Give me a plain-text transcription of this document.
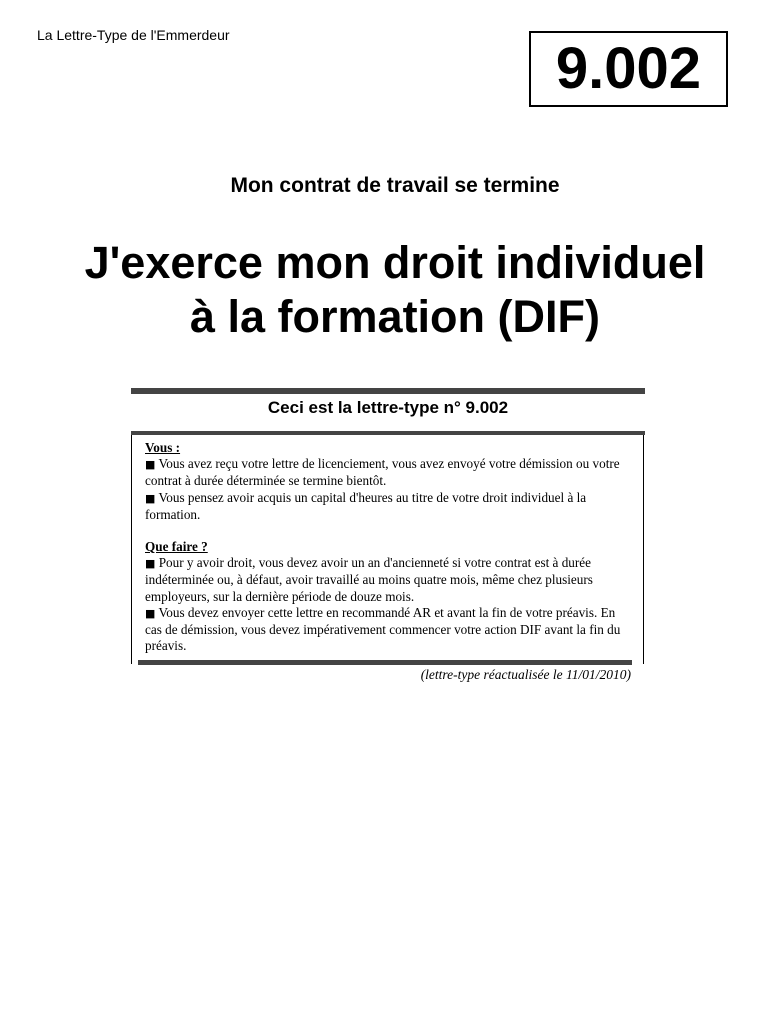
La Lettre-Type de l'Emmerdeur
9.002
Mon contrat de travail se termine
J'exerce mon droit individuel
à la formation (DIF)
Ceci est la lettre-type n° 9.002
Vous :
■ Vous avez reçu votre lettre de licenciement, vous avez envoyé votre démission ou votre contrat à durée déterminée se termine bientôt.
■ Vous pensez avoir acquis un capital d'heures au titre de votre droit individuel à la formation.
Que faire ?
■ Pour y avoir droit, vous devez avoir un an d'ancienneté si votre contrat est à durée indéterminée ou, à défaut, avoir travaillé au moins quatre mois, même chez plusieurs employeurs, sur la dernière période de douze mois.
■ Vous devez envoyer cette lettre en recommandé AR et avant la fin de votre préavis. En cas de démission, vous devez impérativement commencer votre action DIF avant la fin du préavis.
(lettre-type réactualisée le 11/01/2010)
